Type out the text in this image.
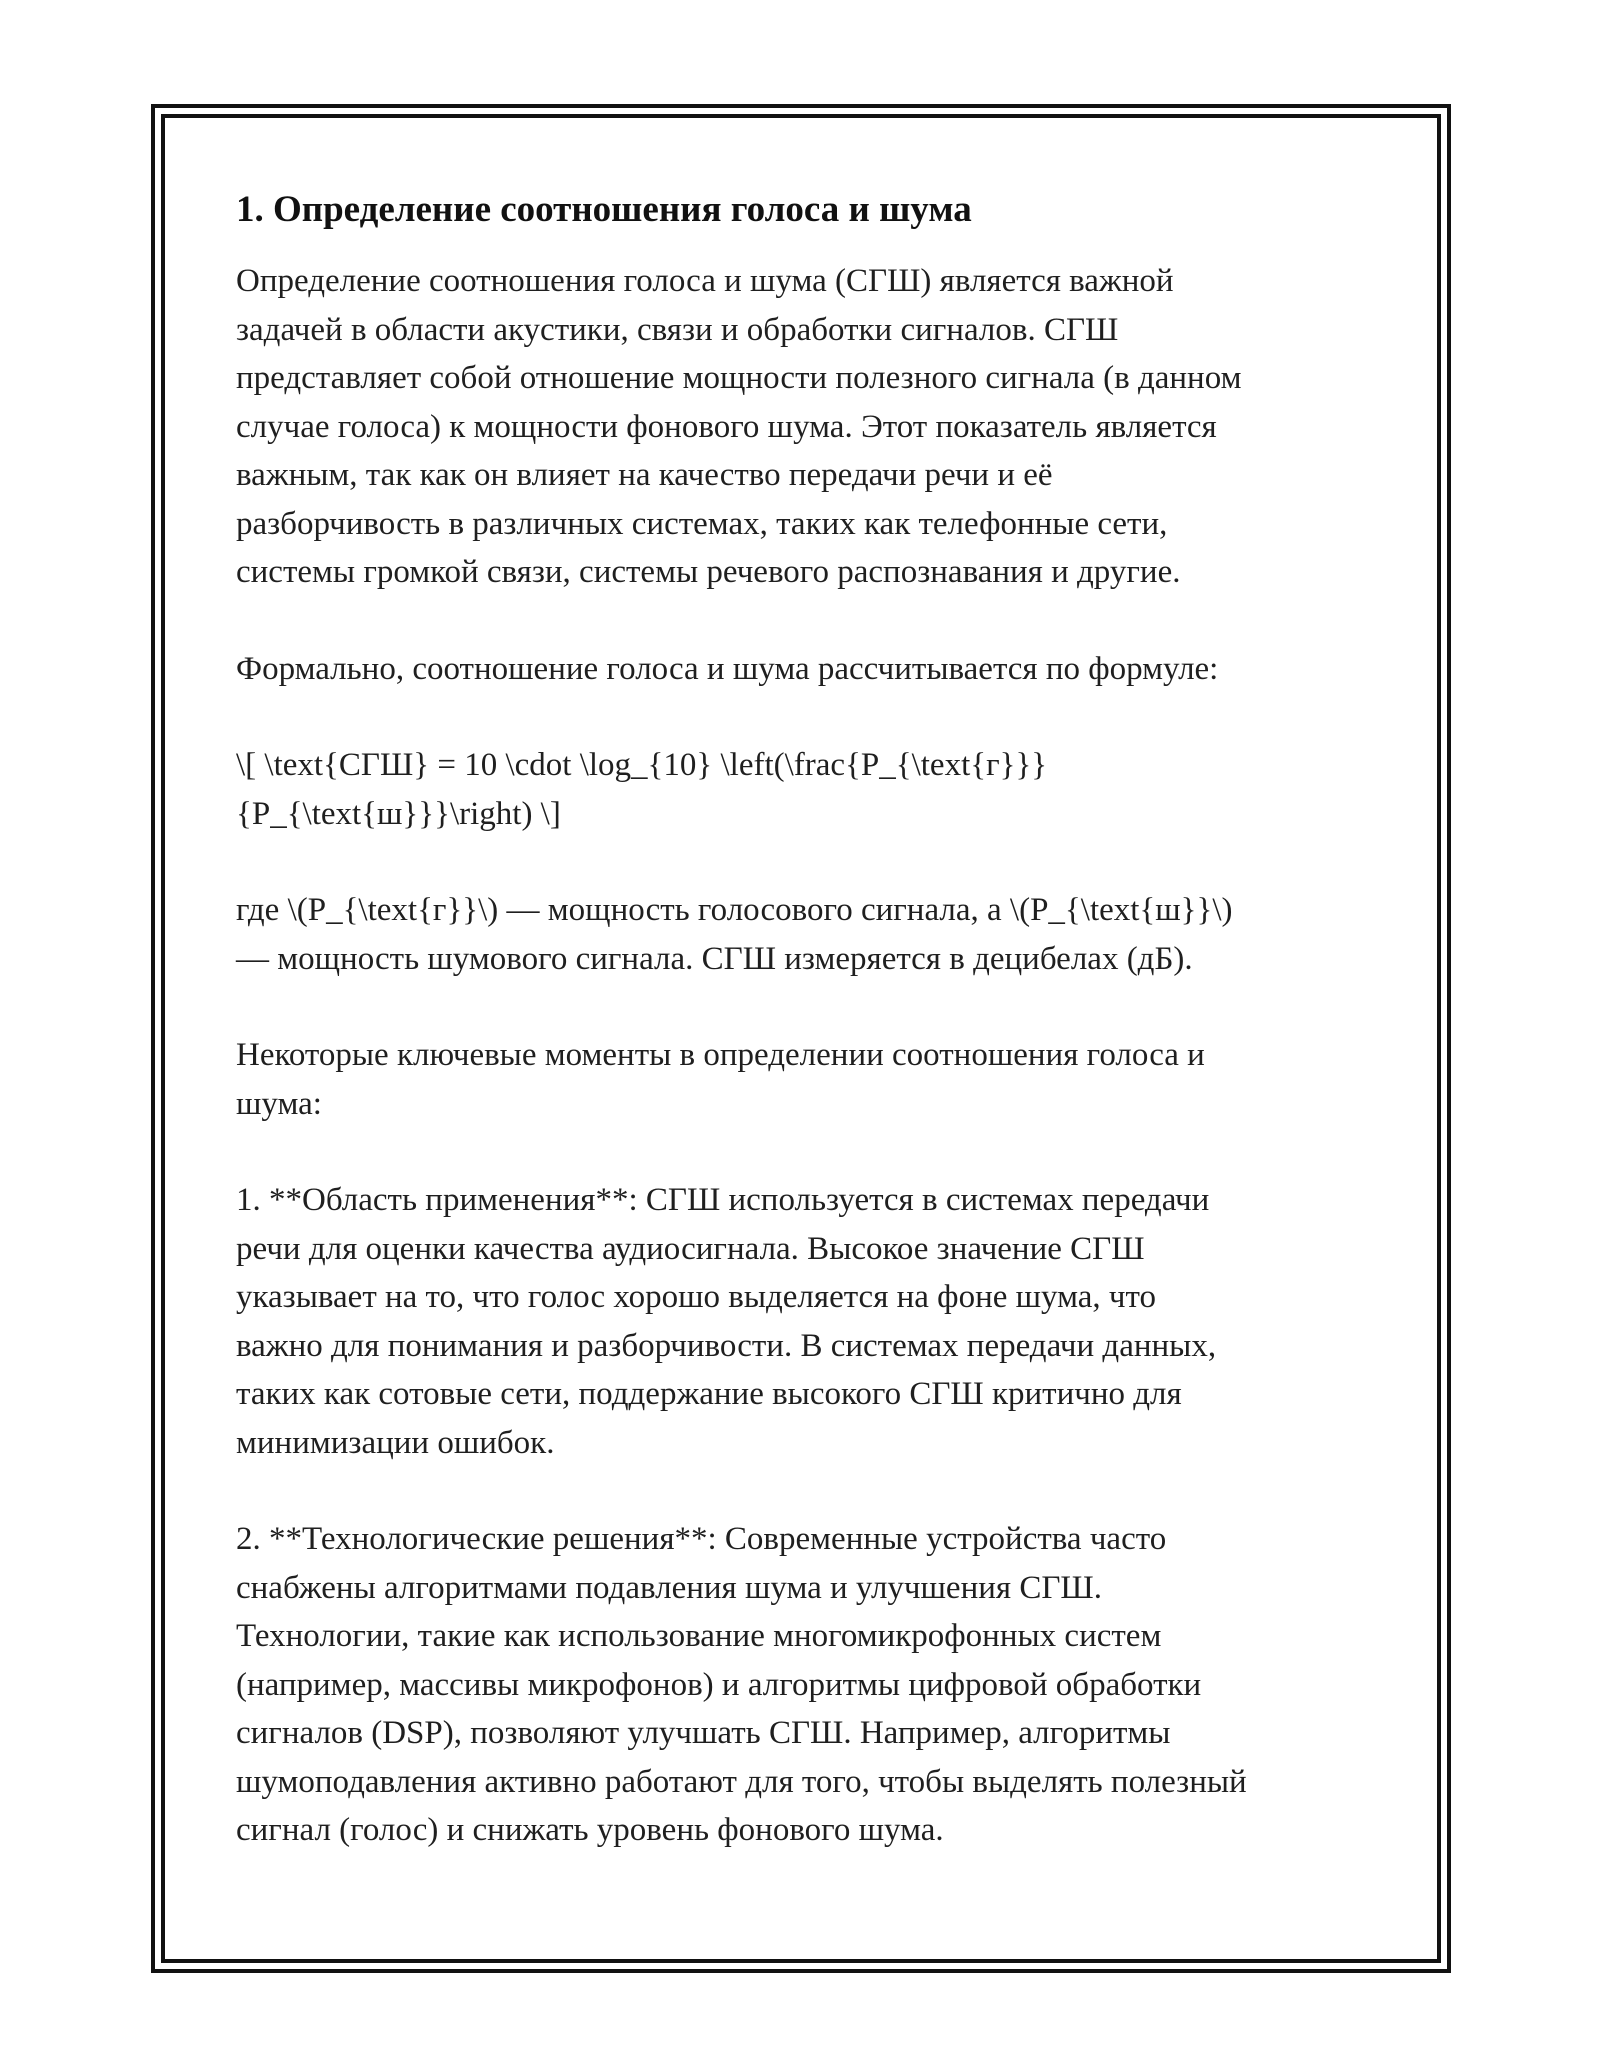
1. Определение соотношения голоса и шума

Определение соотношения голоса и шума (СГШ) является важной
задачей в области акустики, связи и обработки сигналов. СГШ
представляет собой отношение мощности полезного сигнала (в данном
случае голоса) к мощности фонового шума. Этот показатель является
важным, так как он влияет на качество передачи речи и её
разборчивость в различных системах, таких как телефонные сети,
системы громкой связи, системы речевого распознавания и другие.

Формально, соотношение голоса и шума рассчитывается по формуле:

\[ \text{СГШ} = 10 \cdot \log_{10} \left(\frac{P_{\text{г}}}
{P_{\text{ш}}}\right) \]

где \(P_{\text{г}}\) — мощность голосового сигнала, а \(P_{\text{ш}}\)
— мощность шумового сигнала. СГШ измеряется в децибелах (дБ).

Некоторые ключевые моменты в определении соотношения голоса и
шума:

1. **Область применения**: СГШ используется в системах передачи
речи для оценки качества аудиосигнала. Высокое значение СГШ
указывает на то, что голос хорошо выделяется на фоне шума, что
важно для понимания и разборчивости. В системах передачи данных,
таких как сотовые сети, поддержание высокого СГШ критично для
минимизации ошибок.

2. **Технологические решения**: Современные устройства часто
снабжены алгоритмами подавления шума и улучшения СГШ.
Технологии, такие как использование многомикрофонных систем
(например, массивы микрофонов) и алгоритмы цифровой обработки
сигналов (DSP), позволяют улучшать СГШ. Например, алгоритмы
шумоподавления активно работают для того, чтобы выделять полезный
сигнал (голос) и снижать уровень фонового шума.
